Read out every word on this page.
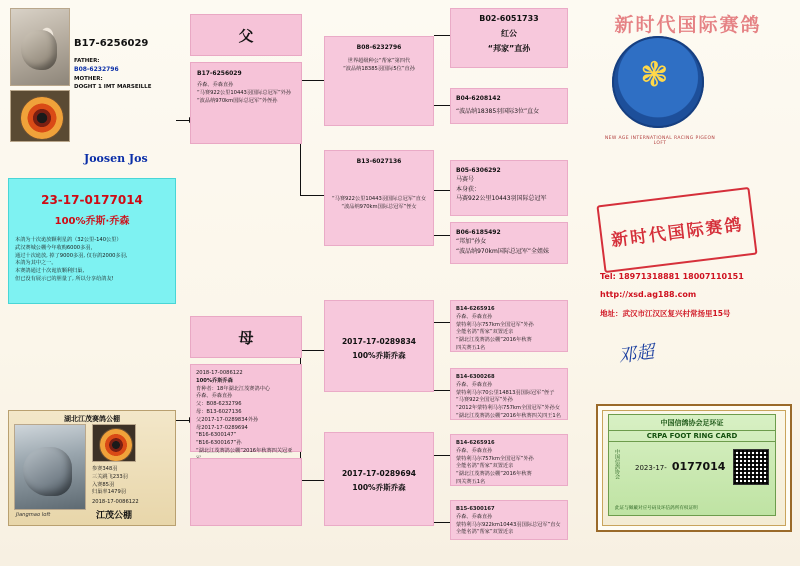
B17-6256029
FATHER:
B08-6232796
MOTHER:
DOGHT 1 IMT MARSEILLE
Joosen Jos
23-17-0177014
100%乔斯·乔森
本鸽为十次诡放颗利星鸽（32公里-140公里）
武汉赛城公棚今年收购6000多羽，
通过十次诡放, 掉了9000多羽, 仅存鸽2000多羽,
本鸽为其中之一。
本赛鸽通过十次诡放颗利归巢,
但已没有展示已的胆量了, 所以分享给鸽友!
湖北江茂赛鸽公棚
参赛348羽
三关跳飞233羽
入赛85羽
归巢率1479羽
2018-17-0086122
Jiangmao loft	江茂公棚
父
B17-6256029
乔森、乔森直孙
“马赛922公里10443羽国际总冠军”外孙
“波品纳970km国际总冠军”外侄孙
母
2018-17-0086122
100%乔斯乔森
育种者：18年湖北江茂赛鸽中心
乔森、乔森直孙
父：B08-6232796
母：B13-6027136
父2017-17-0289834外孙
母2017-17-0289694
“B16-6300147”
“B16-6300167”孙
“湖北江茂赛鸽公棚”2016年秋赛四关冠亚
B08-6232796
世界超级种公“帮家”第四代
“波品纳18385羽国际5位”直孙
B13-6027136
“马赛922公里10443羽国际总冠军”直女
“波品纳970km国际总冠军”侄女
2017-17-0289834
100%乔斯乔森
2017-17-0289694
100%乔斯乔森
B02-6051733
红公
“邦家”直孙
B04-6208142
“波品纳18385羽国际3位”直女
B05-6306292
马赛号
本身获：
马赛922公里10443羽国际总冠军
B06-6185492
“邦加”孙女
“波品纳970km国际总冠军”全姐妹
B14-6265916
乔森、乔森直孙
蒙特利马尔757km全国冠军”外孙
全能名鸽“帮家”双置近亲
“湖北江茂赛鸽公棚”2016年秋赛
四关赛五1名
B14-6300268
乔森、乔森直孙
蒙特利马尔70公里14813羽国际冠军”侄子
“马赛922全国冠军”外孙
“2012年蒙特利马尔757km全国冠军”外孙女
“湖北江茂赛鸽公棚”2016年秋赛四关四王1名
B14-6265916
乔森、乔森直孙
蒙特利马尔757km全国冠军”外孙
全能名鸽“帮家”双置近亲
“湖北江茂赛鸽公棚”2016年秋赛
四关赛五1名
B15-6300167
乔森、乔森直孙
蒙特利马尔922km10443羽国际总冠军”直女
全能名鸽“帮家”双置近亲
新时代国际赛鸽
❃
NEW AGE INTERNATIONAL RACING PIGEON LOFT
新时代国际赛鸽
Tel: 18971318881 18007110151
http://xsd.ag188.com
地址：武汉市江汉区复兴村常扬里15号
邓超
中国信鸽协会足环证
CRPA FOOT RING CARD
2023-17- 0177014
中国信鸽协会
此证与佩戴对应号码及环信鸽所有权证明
